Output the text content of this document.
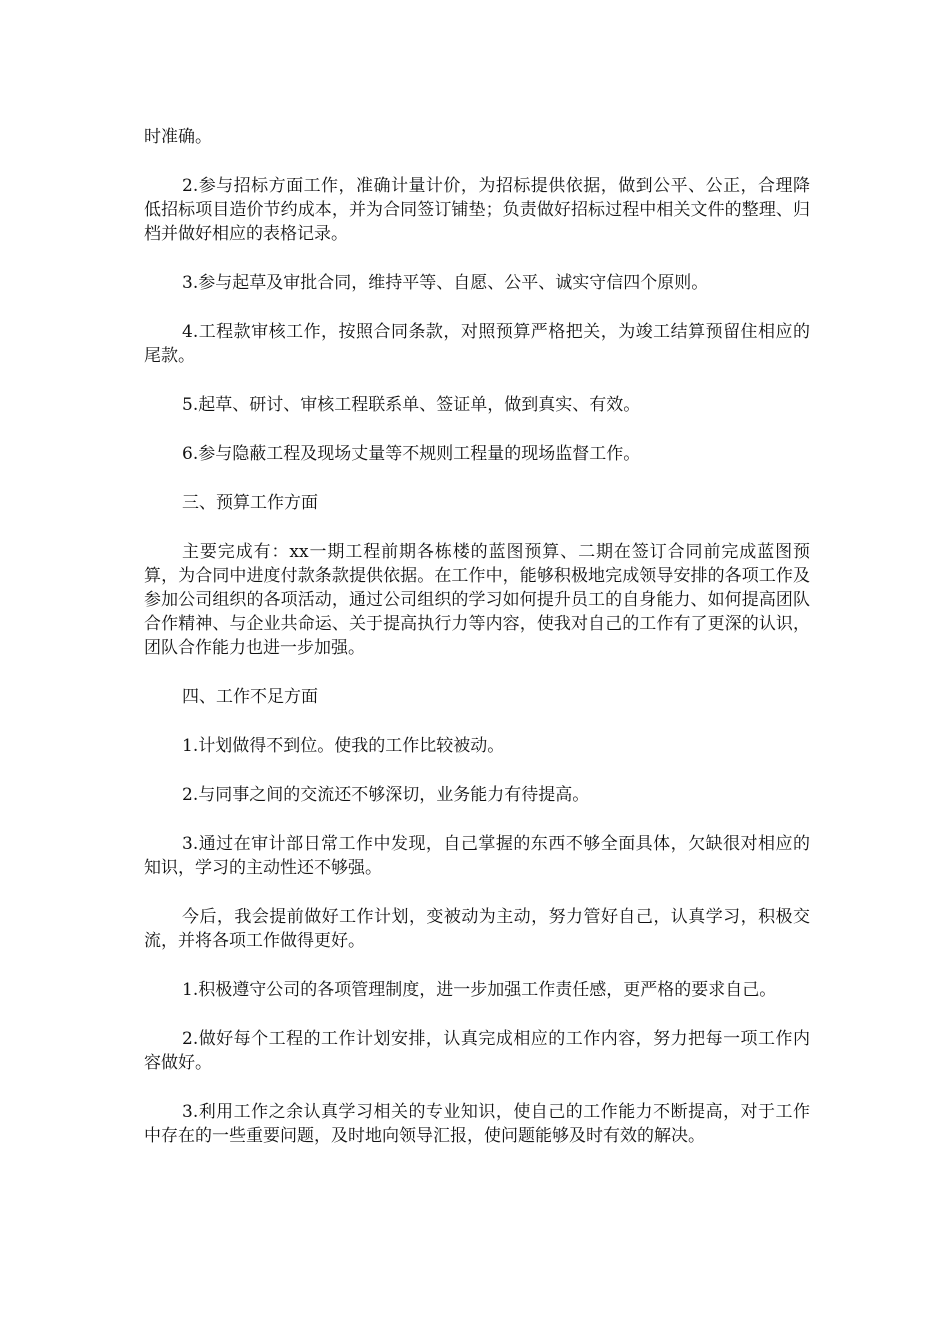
时准确。

2.参与招标方面工作，准确计量计价，为招标提供依据，做到公平、公正，合理降低招标项目造价节约成本，并为合同签订铺垫；负责做好招标过程中相关文件的整理、归档并做好相应的表格记录。

3.参与起草及审批合同，维持平等、自愿、公平、诚实守信四个原则。

4.工程款审核工作，按照合同条款，对照预算严格把关，为竣工结算预留住相应的尾款。

5.起草、研讨、审核工程联系单、签证单，做到真实、有效。

6.参与隐蔽工程及现场丈量等不规则工程量的现场监督工作。

三、预算工作方面

主要完成有：xx一期工程前期各栋楼的蓝图预算、二期在签订合同前完成蓝图预算，为合同中进度付款条款提供依据。在工作中，能够积极地完成领导安排的各项工作及参加公司组织的各项活动，通过公司组织的学习如何提升员工的自身能力、如何提高团队合作精神、与企业共命运、关于提高执行力等内容，使我对自己的工作有了更深的认识，团队合作能力也进一步加强。

四、工作不足方面

1.计划做得不到位。使我的工作比较被动。

2.与同事之间的交流还不够深切，业务能力有待提高。

3.通过在审计部日常工作中发现，自己掌握的东西不够全面具体，欠缺很对相应的知识，学习的主动性还不够强。

今后，我会提前做好工作计划，变被动为主动，努力管好自己，认真学习，积极交流，并将各项工作做得更好。

1.积极遵守公司的各项管理制度，进一步加强工作责任感，更严格的要求自己。

2.做好每个工程的工作计划安排，认真完成相应的工作内容，努力把每一项工作内容做好。

3.利用工作之余认真学习相关的专业知识，使自己的工作能力不断提高，对于工作中存在的一些重要问题，及时地向领导汇报，使问题能够及时有效的解决。
